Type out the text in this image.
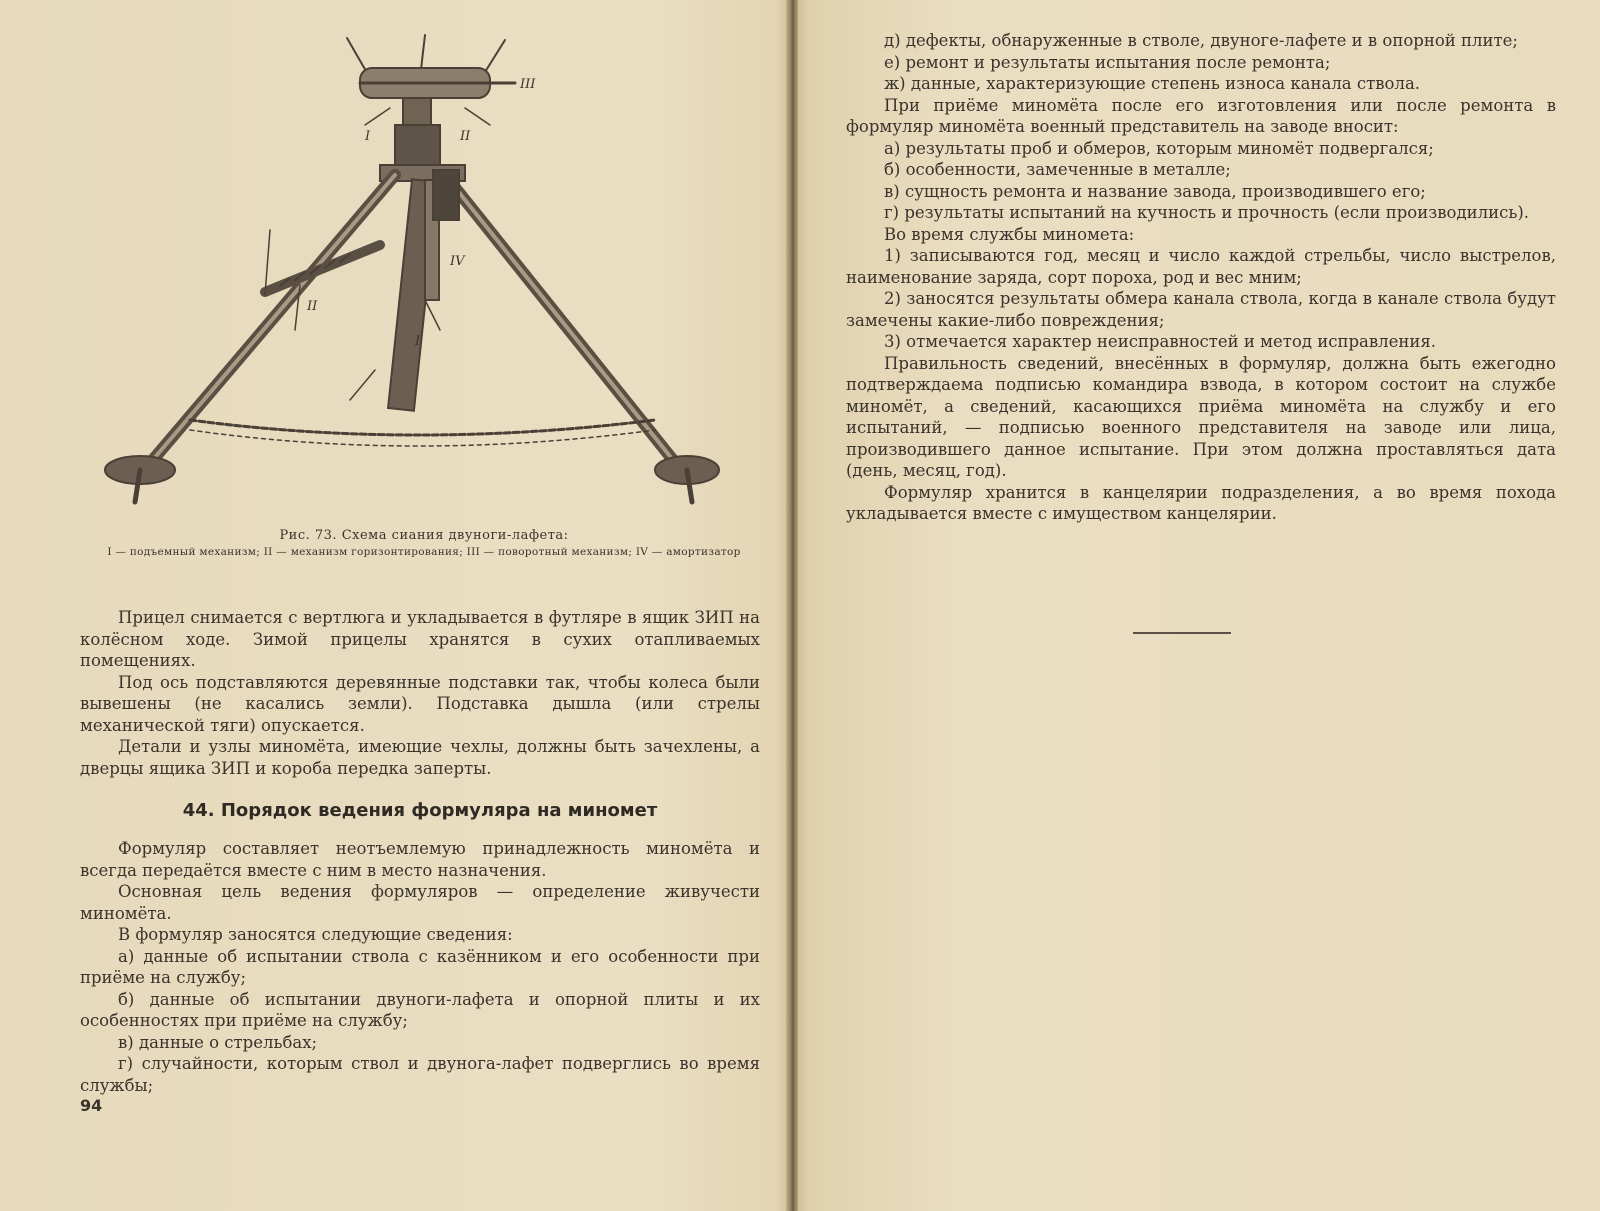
I	II
III
IV
II
I
Рис. 73. Схема сиания двуноги-лафета:
I — подъемный механизм; II — механизм горизонтирования; III — поворотный механизм; IV — амортизатор

Прицел снимается с вертлюга и укладывается в футляре в ящик ЗИП на колёсном ходе. Зимой прицелы хранятся в сухих отапливаемых помещениях.

Под ось подставляются деревянные подставки так, чтобы колеса были вывешены (не касались земли). Подставка дышла (или стрелы механической тяги) опускается.

Детали и узлы миномёта, имеющие чехлы, должны быть зачехлены, а дверцы ящика ЗИП и короба передка заперты.

44. Порядок ведения формуляра на миномет

Формуляр составляет неотъемлемую принадлежность миномёта и всегда передаётся вместе с ним в место назначения.

Основная цель ведения формуляров — определение живучести миномёта.

В формуляр заносятся следующие сведения:

а) данные об испытании ствола с казёнником и его особенности при приёме на службу;

б) данные об испытании двуноги-лафета и опорной плиты и их особенностях при приёме на службу;

в) данные о стрельбах;

г) случайности, которым ствол и двунога-лафет подверглись во время службы;

94

д) дефекты, обнаруженные в стволе, двуноге-лафете и в опорной плите;

е) ремонт и результаты испытания после ремонта;

ж) данные, характеризующие степень износа канала ствола.

При приёме миномёта после его изготовления или после ремонта в формуляр миномёта военный представитель на заводе вносит:

а) результаты проб и обмеров, которым миномёт подвергался;

б) особенности, замеченные в металле;

в) сущность ремонта и название завода, производившего его;

г) результаты испытаний на кучность и прочность (если производились).

Во время службы миномета:

1) записываются год, месяц и число каждой стрельбы, число выстрелов, наименование заряда, сорт пороха, род и вес мним;

2) заносятся результаты обмера канала ствола, когда в канале ствола будут замечены какие-либо повреждения;

3) отмечается характер неисправностей и метод исправления.

Правильность сведений, внесённых в формуляр, должна быть ежегодно подтверждаема подписью командира взвода, в котором состоит на службе миномёт, а сведений, касающихся приёма миномёта на службу и его испытаний, — подписью военного представителя на заводе или лица, производившего данное испытание. При этом должна проставляться дата (день, месяц, год).

Формуляр хранится в канцелярии подразделения, а во время похода укладывается вместе с имуществом канцелярии.
